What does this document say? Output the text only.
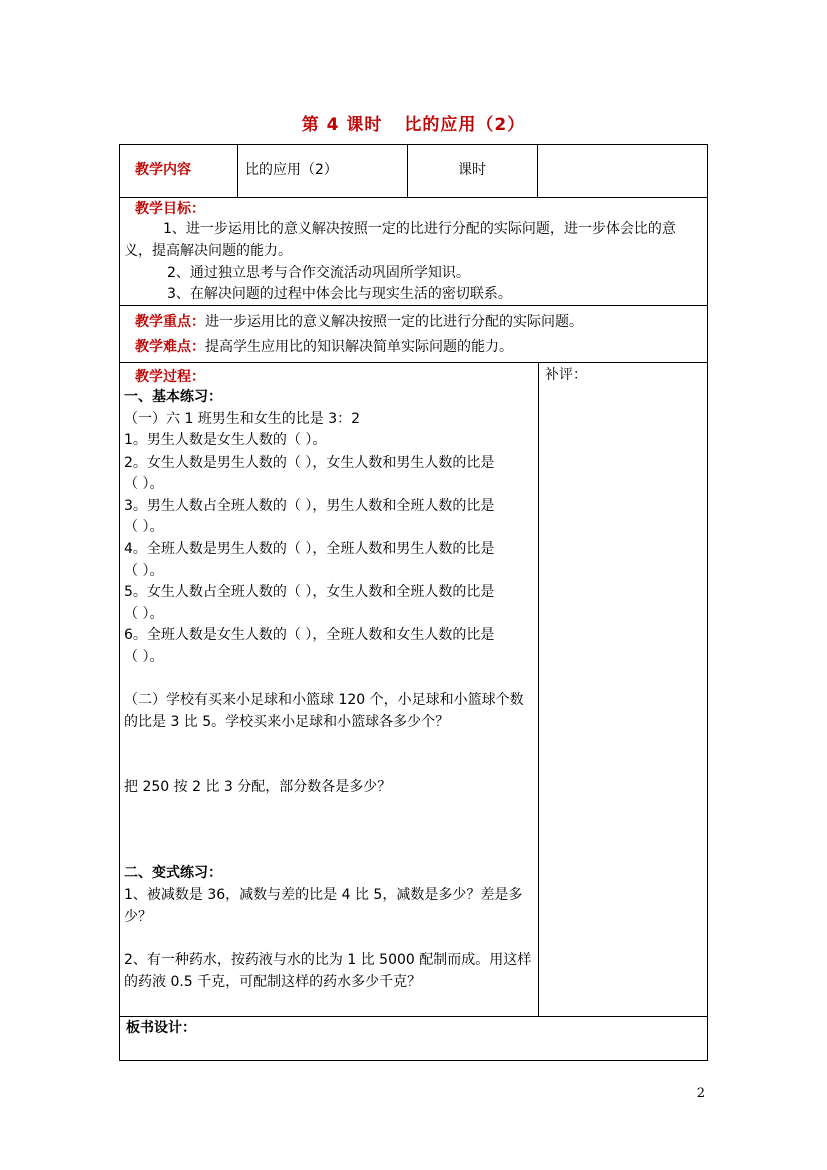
第 4 课时 比的应用（2）
教学内容	比的应用（2）	课时
教学目标：
1、进一步运用比的意义解决按照一定的比进行分配的实际问题，进一步体会比的意
义，提高解决问题的能力。
2、通过独立思考与合作交流活动巩固所学知识。
3、在解决问题的过程中体会比与现实生活的密切联系。
教学重点：进一步运用比的意义解决按照一定的比进行分配的实际问题。
教学难点：提高学生应用比的知识解决简单实际问题的能力。
教学过程：	补评：
一、基本练习：
（一）六 1 班男生和女生的比是 3：2
1。男生人数是女生人数的（ ）。
2。女生人数是男生人数的（ ），女生人数和男生人数的比是
（ ）。
3。男生人数占全班人数的（ ），男生人数和全班人数的比是
（ ）。
4。全班人数是男生人数的（ ），全班人数和男生人数的比是
（ ）。
5。女生人数占全班人数的（ ），女生人数和全班人数的比是
（ ）。
6。全班人数是女生人数的（ ），全班人数和女生人数的比是
（ ）。
（二）学校有买来小足球和小篮球 120 个，小足球和小篮球个数
的比是 3 比 5。学校买来小足球和小篮球各多少个？
把 250 按 2 比 3 分配，部分数各是多少？
二、变式练习：
1、被减数是 36，减数与差的比是 4 比 5，减数是多少？差是多
少？
2、有一种药水，按药液与水的比为 1 比 5000 配制而成。用这样
的药液 0.5 千克，可配制这样的药水多少千克？
板书设计：
2
